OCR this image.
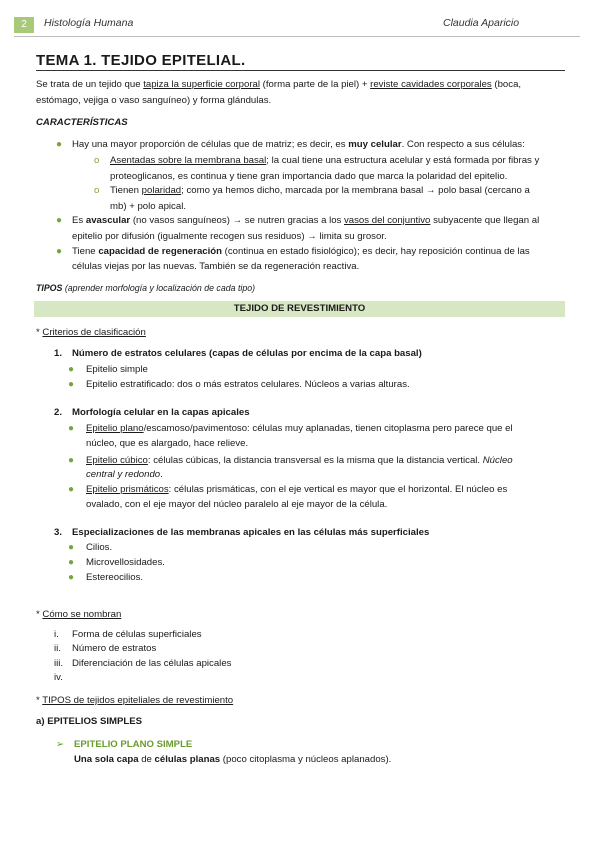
2	Histología Humana	Claudia Aparicio
TEMA 1. TEJIDO EPITELIAL.
Se trata de un tejido que tapiza la superficie corporal (forma parte de la piel) + reviste cavidades corporales (boca,
estómago, vejiga o vaso sanguíneo) y forma glándulas.
CARACTERÍSTICAS
● Hay una mayor proporción de células que de matriz; es decir, es muy celular. Con respecto a sus células:
o Asentadas sobre la membrana basal; la cual tiene una estructura acelular y está formada por fibras y
proteoglicanos, es continua y tiene gran importancia dado que marca la polaridad del epitelio.
o Tienen polaridad; como ya hemos dicho, marcada por la membrana basal → polo basal (cercano a
mb) + polo apical.
● Es avascular (no vasos sanguíneos) → se nutren gracias a los vasos del conjuntivo subyacente que llegan al
epitelio por difusión (igualmente recogen sus residuos) → limita su grosor.
● Tiene capacidad de regeneración (continua en estado fisiológico); es decir, hay reposición continua de las
células viejas por las nuevas. También se da regeneración reactiva.
TIPOS (aprender morfología y localización de cada tipo)
TEJIDO DE REVESTIMIENTO
* Criterios de clasificación
1. Número de estratos celulares (capas de células por encima de la capa basal)
● Epitelio simple
● Epitelio estratificado: dos o más estratos celulares. Núcleos a varias alturas.
2. Morfología celular en la capas apicales
● Epitelio plano/escamoso/pavimentoso: células muy aplanadas, tienen citoplasma pero parece que el
núcleo, que es alargado, hace relieve.
● Epitelio cúbico: células cúbicas, la distancia transversal es la misma que la distancia vertical. Núcleo
central y redondo.
● Epitelio prismáticos: células prismáticas, con el eje vertical es mayor que el horizontal. El núcleo es
ovalado, con el eje mayor del núcleo paralelo al eje mayor de la célula.
3. Especializaciones de las membranas apicales en las células más superficiales
● Cilios.
● Microvellosidades.
● Estereocilios.
* Cómo se nombran
i. Forma de células superficiales
ii. Número de estratos
iii. Diferenciación de las células apicales
iv.
* TIPOS de tejidos epiteliales de revestimiento
a) EPITELIOS SIMPLES
➢ EPITELIO PLANO SIMPLE
Una sola capa de células planas (poco citoplasma y núcleos aplanados).
